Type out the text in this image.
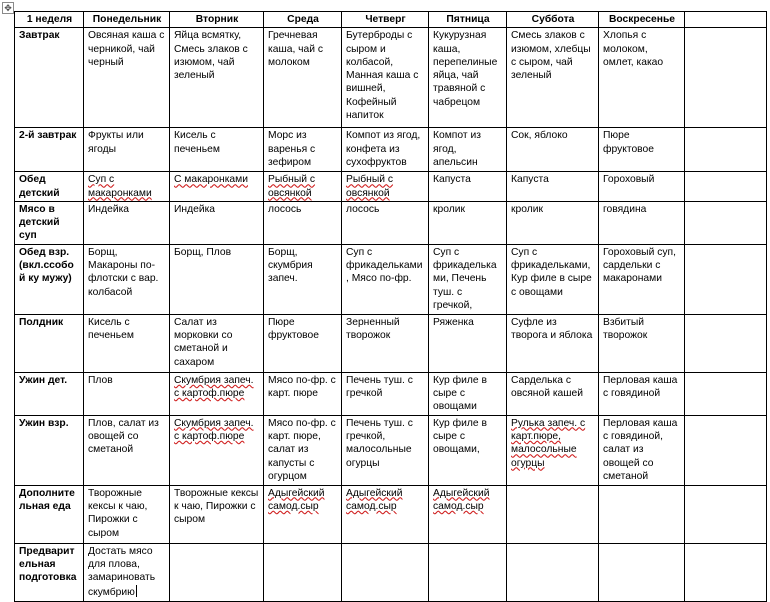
✥
1 неделя	Понедельник	Вторник	Среда	Четверг	Пятница	Суббота	Воскресенье	
Завтрак	Овсяная каша с черникой, чай черный	Яйца всмятку, Смесь злаков с изюмом, чай зеленый	Гречневая каша, чай с молоком	Бутерброды с сыром и колбасой, Манная каша с вишней, Кофейный напиток	Кукурузная каша, перепелиные яйца, чай травяной с чабрецом	Смесь злаков с изюмом, хлебцы с сыром, чай зеленый	Хлопья с молоком, омлет, какао	
2-й завтрак	Фрукты или ягоды	Кисель с печеньем	Морс из варенья с зефиром	Компот из ягод, конфета из сухофруктов	Компот из ягод, апельсин	Сок, яблоко	Пюре фруктовое	
Обед детский	Суп с макаронками	С макаронками	Рыбный с овсянкой	Рыбный с овсянкой	Капуста	Капуста	Гороховый	
Мясо в детский суп	Индейка	Индейка	лосось	лосось	кролик	кролик	говядина	
Обед взр. (вкл.ссобой ку мужу)	Борщ, Макароны по-флотски с вар. колбасой	Борщ, Плов	Борщ, скумбрия запеч.	Суп с фрикадельками, Мясо по-фр.	Суп с фрикадельками, Печень туш. с гречкой,	Суп с фрикадельками, Кур филе в сыре с овощами	Гороховый суп, сардельки с макаронами	
Полдник	Кисель с печеньем	Салат из морковки со сметаной и сахаром	Пюре фруктовое	Зерненный творожок	Ряженка	Суфле из творога и яблока	Взбитый творожок	
Ужин дет.	Плов	Скумбрия запеч. с картоф.пюре	Мясо по-фр. с карт. пюре	Печень туш. с гречкой	Кур филе в сыре с овощами	Сарделька с овсяной кашей	Перловая каша с говядиной	
Ужин взр.	Плов, салат из овощей со сметаной	Скумбрия запеч. с картоф.пюре	Мясо по-фр. с карт. пюре, салат из капусты с огурцом	Печень туш. с гречкой, малосольные огурцы	Кур филе в сыре с овощами,	Рулька запеч. с карт.пюре, малосольные огурцы	Перловая каша с говядиной, салат из овощей со сметаной	
Дополнительная еда	Творожные кексы к чаю, Пирожки с сыром	Творожные кексы к чаю, Пирожки с сыром	Адыгейский самод.сыр	Адыгейский самод.сыр	Адыгейский самод.сыр			
Предварительная подготовка	Достать мясо для плова, замариновать скумбрию							
